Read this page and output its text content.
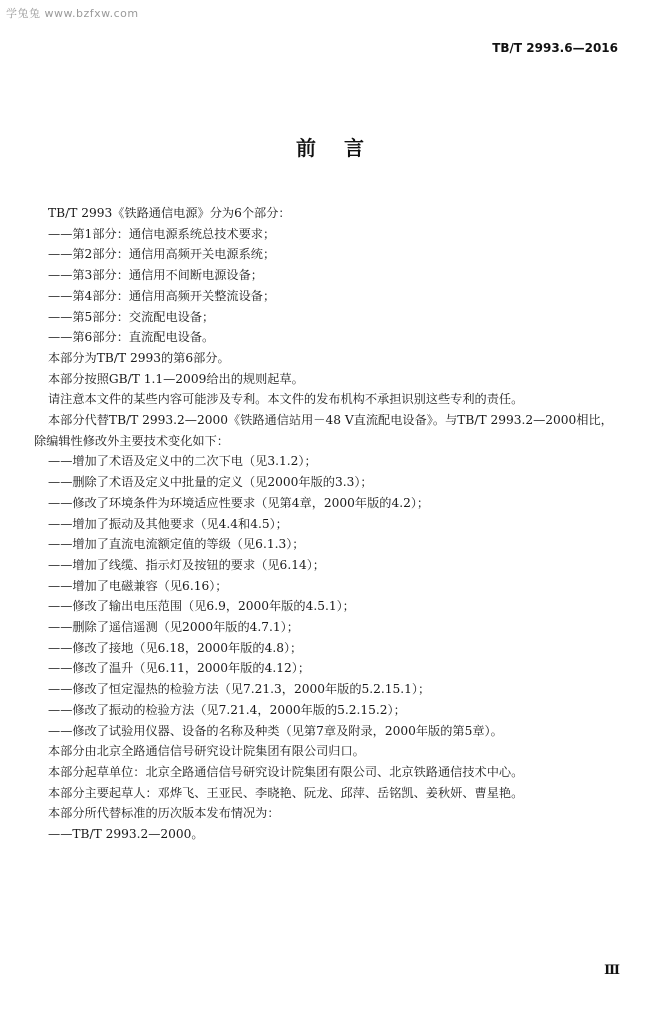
学兔兔 www.bzfxw.com
TB/T 2993.6—2016
前言

TB/T 2993《铁路通信电源》分为6个部分：

——第1部分：通信电源系统总技术要求；

——第2部分：通信用高频开关电源系统；

——第3部分：通信用不间断电源设备；

——第4部分：通信用高频开关整流设备；

——第5部分：交流配电设备；

——第6部分：直流配电设备。

本部分为TB/T 2993的第6部分。

本部分按照GB/T 1.1—2009给出的规则起草。

请注意本文件的某些内容可能涉及专利。本文件的发布机构不承担识别这些专利的责任。

本部分代替TB/T 2993.2—2000《铁路通信站用－48 V直流配电设备》。与TB/T 2993.2—2000相比，除编辑性修改外主要技术变化如下：

——增加了术语及定义中的二次下电（见3.1.2）；

——删除了术语及定义中批量的定义（见2000年版的3.3）；

——修改了环境条件为环境适应性要求（见第4章，2000年版的4.2）；

——增加了振动及其他要求（见4.4和4.5）；

——增加了直流电流额定值的等级（见6.1.3）；

——增加了线缆、指示灯及按钮的要求（见6.14）；

——增加了电磁兼容（见6.16）；

——修改了输出电压范围（见6.9，2000年版的4.5.1）；

——删除了遥信遥测（见2000年版的4.7.1）；

——修改了接地（见6.18，2000年版的4.8）；

——修改了温升（见6.11，2000年版的4.12）；

——修改了恒定湿热的检验方法（见7.21.3，2000年版的5.2.15.1）；

——修改了振动的检验方法（见7.21.4，2000年版的5.2.15.2）；

——修改了试验用仪器、设备的名称及种类（见第7章及附录，2000年版的第5章）。

本部分由北京全路通信信号研究设计院集团有限公司归口。

本部分起草单位：北京全路通信信号研究设计院集团有限公司、北京铁路通信技术中心。

本部分主要起草人：邓烨飞、王亚民、李晓艳、阮龙、邱萍、岳铭凯、姜秋妍、曹星艳。

本部分所代替标准的历次版本发布情况为：

——TB/T 2993.2—2000。

Ⅲ
